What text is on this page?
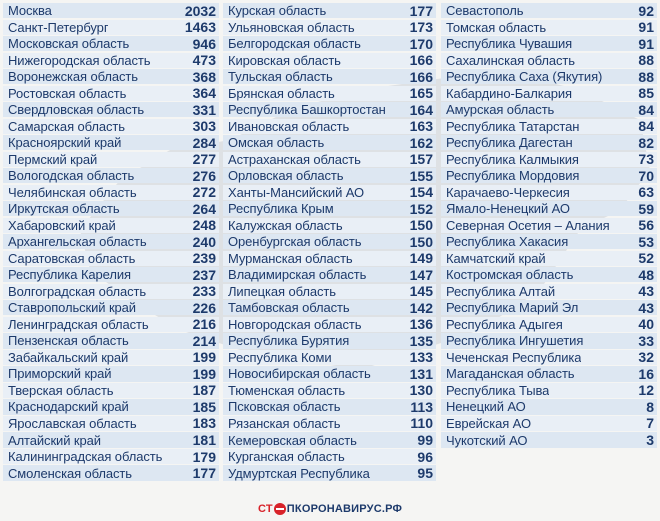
Москва	2032
Санкт-Петербург	1463
Московская область	946
Нижегородская область	473
Воронежская область	368
Ростовская область	364
Свердловская область	331
Самарская область	303
Красноярский край	284
Пермский край	277
Вологодская область	276
Челябинская область	272
Иркутская область	264
Хабаровский край	248
Архангельская область	240
Саратовская область	239
Республика Карелия	237
Волгоградская область	233
Ставропольский край	226
Ленинградская область	216
Пензенская область	214
Забайкальский край	199
Приморский край	199
Тверская область	187
Краснодарский край	185
Ярославская область	183
Алтайский край	181
Калининградская область 179
Смоленская область	177
Курская область	177
Ульяновская область	173
Белгородская область	170
Кировская область	166
Тульская область	166
Брянская область	165
Республика Башкортостан 164
Ивановская область	163
Омская область	162
Астраханская область	157
Орловская область	155
Ханты-Мансийский АО	154
Республика Крым	152
Калужская область	150
Оренбургская область	150
Мурманская область	149
Владимирская область	147
Липецкая область	145
Тамбовская область	142
Новгородская область	136
Республика Бурятия	135
Республика Коми	133
Новосибирская область	131
Тюменская область	130
Псковская область	113
Рязанская область	110
Кемеровская область	99
Курганская область	96
Удмуртская Республика	95
Севастополь	92
Томская область	91
Республика Чувашия	91
Сахалинская область	88
Республика Саха (Якутия)	88
Кабардино-Балкария	85
Амурская область	84
Республика Татарстан	84
Республика Дагестан	82
Республика Калмыкия	73
Республика Мордовия	70
Карачаево-Черкесия	63
Ямало-Ненецкий АО	59
Северная Осетия – Алания 56
Республика Хакасия	53
Камчатский край	52
Костромская область	48
Республика Алтай	43
Республика Марий Эл	43
Республика Адыгея	40
Республика Ингушетия	33
Чеченская Республика	32
Магаданская область	16
Республика Тыва	12
Ненецкий АО	8
Еврейская АО	7
Чукотский АО	3
СТ ПКОРОНАВИРУС.РФ
